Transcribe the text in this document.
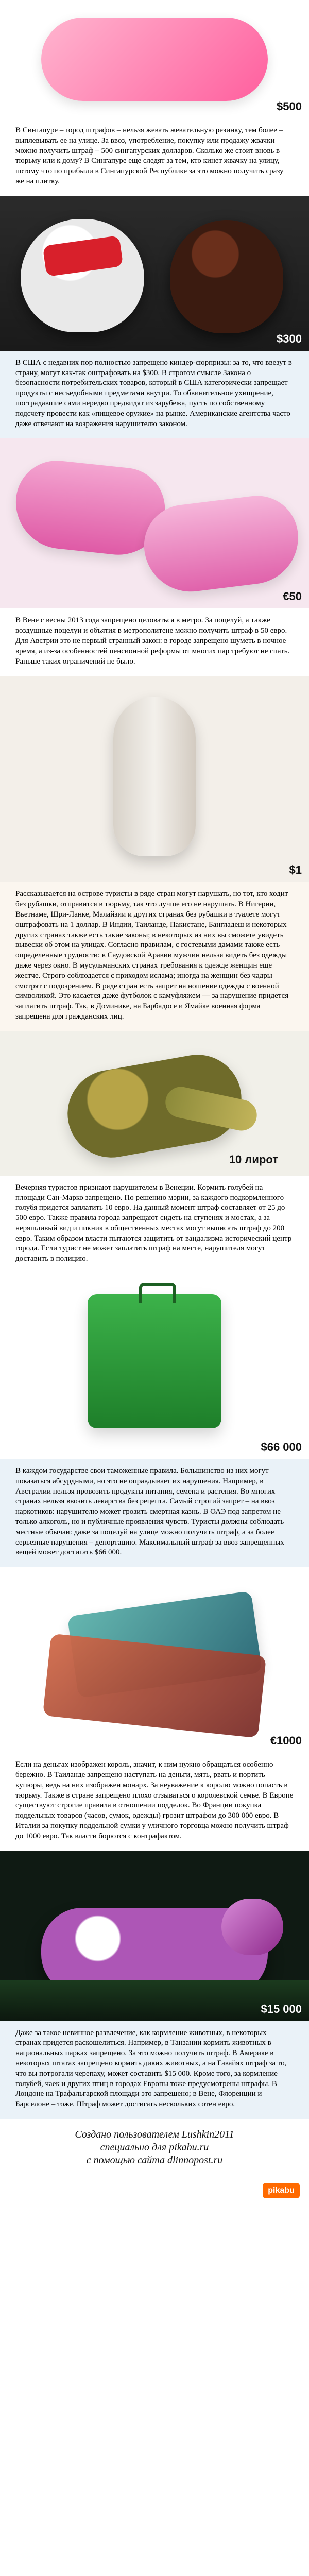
$500
В Сингапуре – город штрафов – нельзя жевать жевательную резинку, тем более – выплевывать ее на улице. За ввоз, употребление, покупку или продажу жвачки можно получить штраф – 500 сингапурских долларов. Сколько же стоит вновь в тюрьму или к дому? В Сингапуре еще следят за тем, кто кинет жвачку на улицу, потому что по прибыли в Сингапурской Республике за это можно получить сразу же на плитку.
$300
В США с недавних пор полностью запрещено киндер-сюрпризы: за то, что ввезут в страну, могут как-так оштрафовать на $300. В строгом смысле Закона о безопасности потребительских товаров, который в США категорически запрещает продукты с несъедобными предметами внутри. То обвинительное ухищрение, пострадавшие сами нередко предвидят из зарубежа, пусть по собственному подсчету провести как «пищевое оружие» на рынке. Американские агентства часто даже отвечают на возражения нарушителю законом.
€50
В Вене с весны 2013 года запрещено целоваться в метро. За поцелуй, а также воздушные поцелуи и объятия в метрополитене можно получить штраф в 50 евро. Для Австрии это не первый странный закон: в городе запрещено шуметь в ночное время, а из-за особенностей пенсионной реформы от многих пар требуют не спать. Раньше таких ограничений не было.
$1
Рассказывается на острове туристы в ряде стран могут нарушать, но тот, кто ходит без рубашки, отправится в тюрьму, так что лучше его не нарушать. В Нигерии, Вьетнаме, Шри-Ланке, Малайзии и других странах без рубашки в туалете могут оштрафовать на 1 доллар. В Индии, Таиланде, Пакистане, Бангладеш и некоторых других странах также есть такие законы; в некоторых из них вы сможете увидеть вывески об этом на улицах. Согласно правилам, с гостевыми дамами также есть определенные трудности: в Саудовской Аравии мужчин нельзя видеть без одежды даже через окно. В мусульманских странах требования к одежде женщин еще жестче. Строго соблюдается с приходом ислама; иногда на женщин без чадры смотрят с подозрением. В ряде стран есть запрет на ношение одежды с военной символикой. Это касается даже футболок с камуфляжем — за нарушение придется заплатить штраф. Так, в Доминике, на Барбадосе и Ямайке военная форма запрещена для гражданских лиц.
10 лирот
Вечерняя туристов признают нарушителем в Венеции. Кормить голубей на площади Сан-Марко запрещено. По решению мэрии, за каждого подкормленного голубя придется заплатить 10 евро. На данный момент штраф составляет от 25 до 500 евро. Также правила города запрещают сидеть на ступенях и мостах, а за неряшливый вид и пикник в общественных местах могут выписать штраф до 200 евро. Таким образом власти пытаются защитить от вандализма исторический центр города. Если турист не может заплатить штраф на месте, нарушителя могут доставить в полицию.
$66 000
В каждом государстве свои таможенные правила. Большинство из них могут показаться абсурдными, но это не оправдывает их нарушения. Например, в Австралии нельзя провозить продукты питания, семена и растения. Во многих странах нельзя ввозить лекарства без рецепта. Самый строгий запрет – на ввоз наркотиков: нарушителю может грозить смертная казнь. В ОАЭ под запретом не только алкоголь, но и публичные проявления чувств. Туристы должны соблюдать местные обычаи: даже за поцелуй на улице можно получить штраф, а за более серьезные нарушения – депортацию. Максимальный штраф за ввоз запрещенных вещей может достигать $66 000.
€1000
Если на деньгах изображен король, значит, к ним нужно обращаться особенно бережно. В Таиланде запрещено наступать на деньги, мять, рвать и портить купюры, ведь на них изображен монарх. За неуважение к королю можно попасть в тюрьму. Также в стране запрещено плохо отзываться о королевской семье. В Европе существуют строгие правила в отношении подделок. Во Франции покупка поддельных товаров (часов, сумок, одежды) грозит штрафом до 300 000 евро. В Италии за покупку поддельной сумки у уличного торговца можно получить штраф до 1000 евро. Так власти борются с контрафактом.
$15 000
Даже за такое невинное развлечение, как кормление животных, в некоторых странах придется раскошелиться. Например, в Танзании кормить животных в национальных парках запрещено. За это можно получить штраф. В Америке в некоторых штатах запрещено кормить диких животных, а на Гавайях штраф за то, что вы потрогали черепаху, может составить $15 000. Кроме того, за кормление голубей, чаек и других птиц в городах Европы тоже предусмотрены штрафы. В Лондоне на Трафальгарской площади это запрещено; в Вене, Флоренции и Барселоне – тоже. Штраф может достигать нескольких сотен евро.
Создано пользователем Lushkin2011
специально для pikabu.ru
с помощью сайта dlinnopost.ru
pikabu
